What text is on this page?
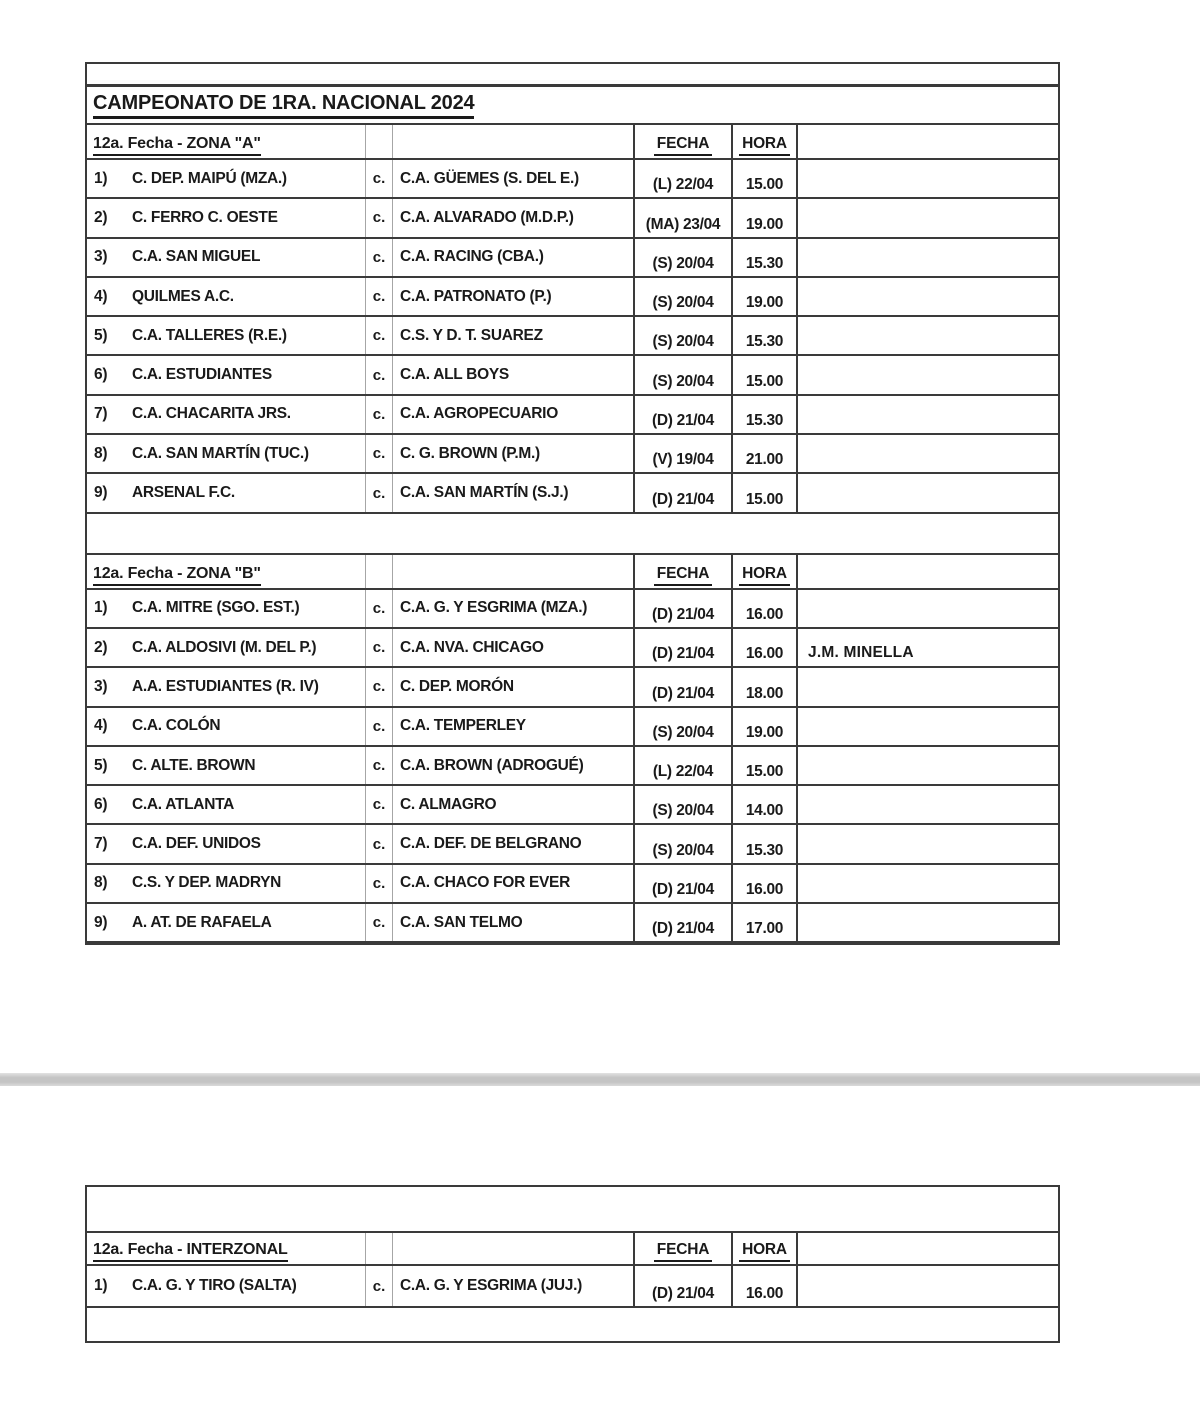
CAMPEONATO DE 1RA. NACIONAL 2024
12a. Fecha - ZONA "A"	FECHA HORA
1)	C. DEP. MAIPÚ (MZA.)	c. C.A. GÜEMES (S. DEL E.)	(L) 22/04 15.00
2)	C. FERRO C. OESTE	c. C.A. ALVARADO (M.D.P.)	(MA) 23/04 19.00
3)	C.A. SAN MIGUEL	c. C.A. RACING (CBA.)	(S) 20/04 15.30
4)	QUILMES A.C.	c. C.A. PATRONATO (P.)	(S) 20/04 19.00
5)	C.A. TALLERES (R.E.)	c. C.S. Y D. T. SUAREZ	(S) 20/04 15.30
6)	C.A. ESTUDIANTES	c. C.A. ALL BOYS	(S) 20/04 15.00
7)	C.A. CHACARITA JRS.	c. C.A. AGROPECUARIO	(D) 21/04 15.30
8)	C.A. SAN MARTÍN (TUC.)	c. C. G. BROWN (P.M.)	(V) 19/04 21.00
9)	ARSENAL F.C.	c. C.A. SAN MARTÍN (S.J.)	(D) 21/04 15.00
12a. Fecha - ZONA "B"	FECHA HORA
1)	C.A. MITRE (SGO. EST.)	c. C.A. G. Y ESGRIMA (MZA.)	(D) 21/04 16.00
2)	C.A. ALDOSIVI (M. DEL P.)	c. C.A. NVA. CHICAGO	(D) 21/04 16.00 J.M. MINELLA
3)	A.A. ESTUDIANTES (R. IV)	c. C. DEP. MORÓN	(D) 21/04 18.00
4)	C.A. COLÓN	c. C.A. TEMPERLEY	(S) 20/04 19.00
5)	C. ALTE. BROWN	c. C.A. BROWN (ADROGUÉ)	(L) 22/04 15.00
6)	C.A. ATLANTA	c. C. ALMAGRO	(S) 20/04 14.00
7)	C.A. DEF. UNIDOS	c. C.A. DEF. DE BELGRANO	(S) 20/04 15.30
8)	C.S. Y DEP. MADRYN	c. C.A. CHACO FOR EVER	(D) 21/04 16.00
9)	A. AT. DE RAFAELA	c. C.A. SAN TELMO	(D) 21/04 17.00
12a. Fecha - INTERZONAL	FECHA HORA
1)	C.A. G. Y TIRO (SALTA)	c. C.A. G. Y ESGRIMA (JUJ.)	(D) 21/04 16.00
